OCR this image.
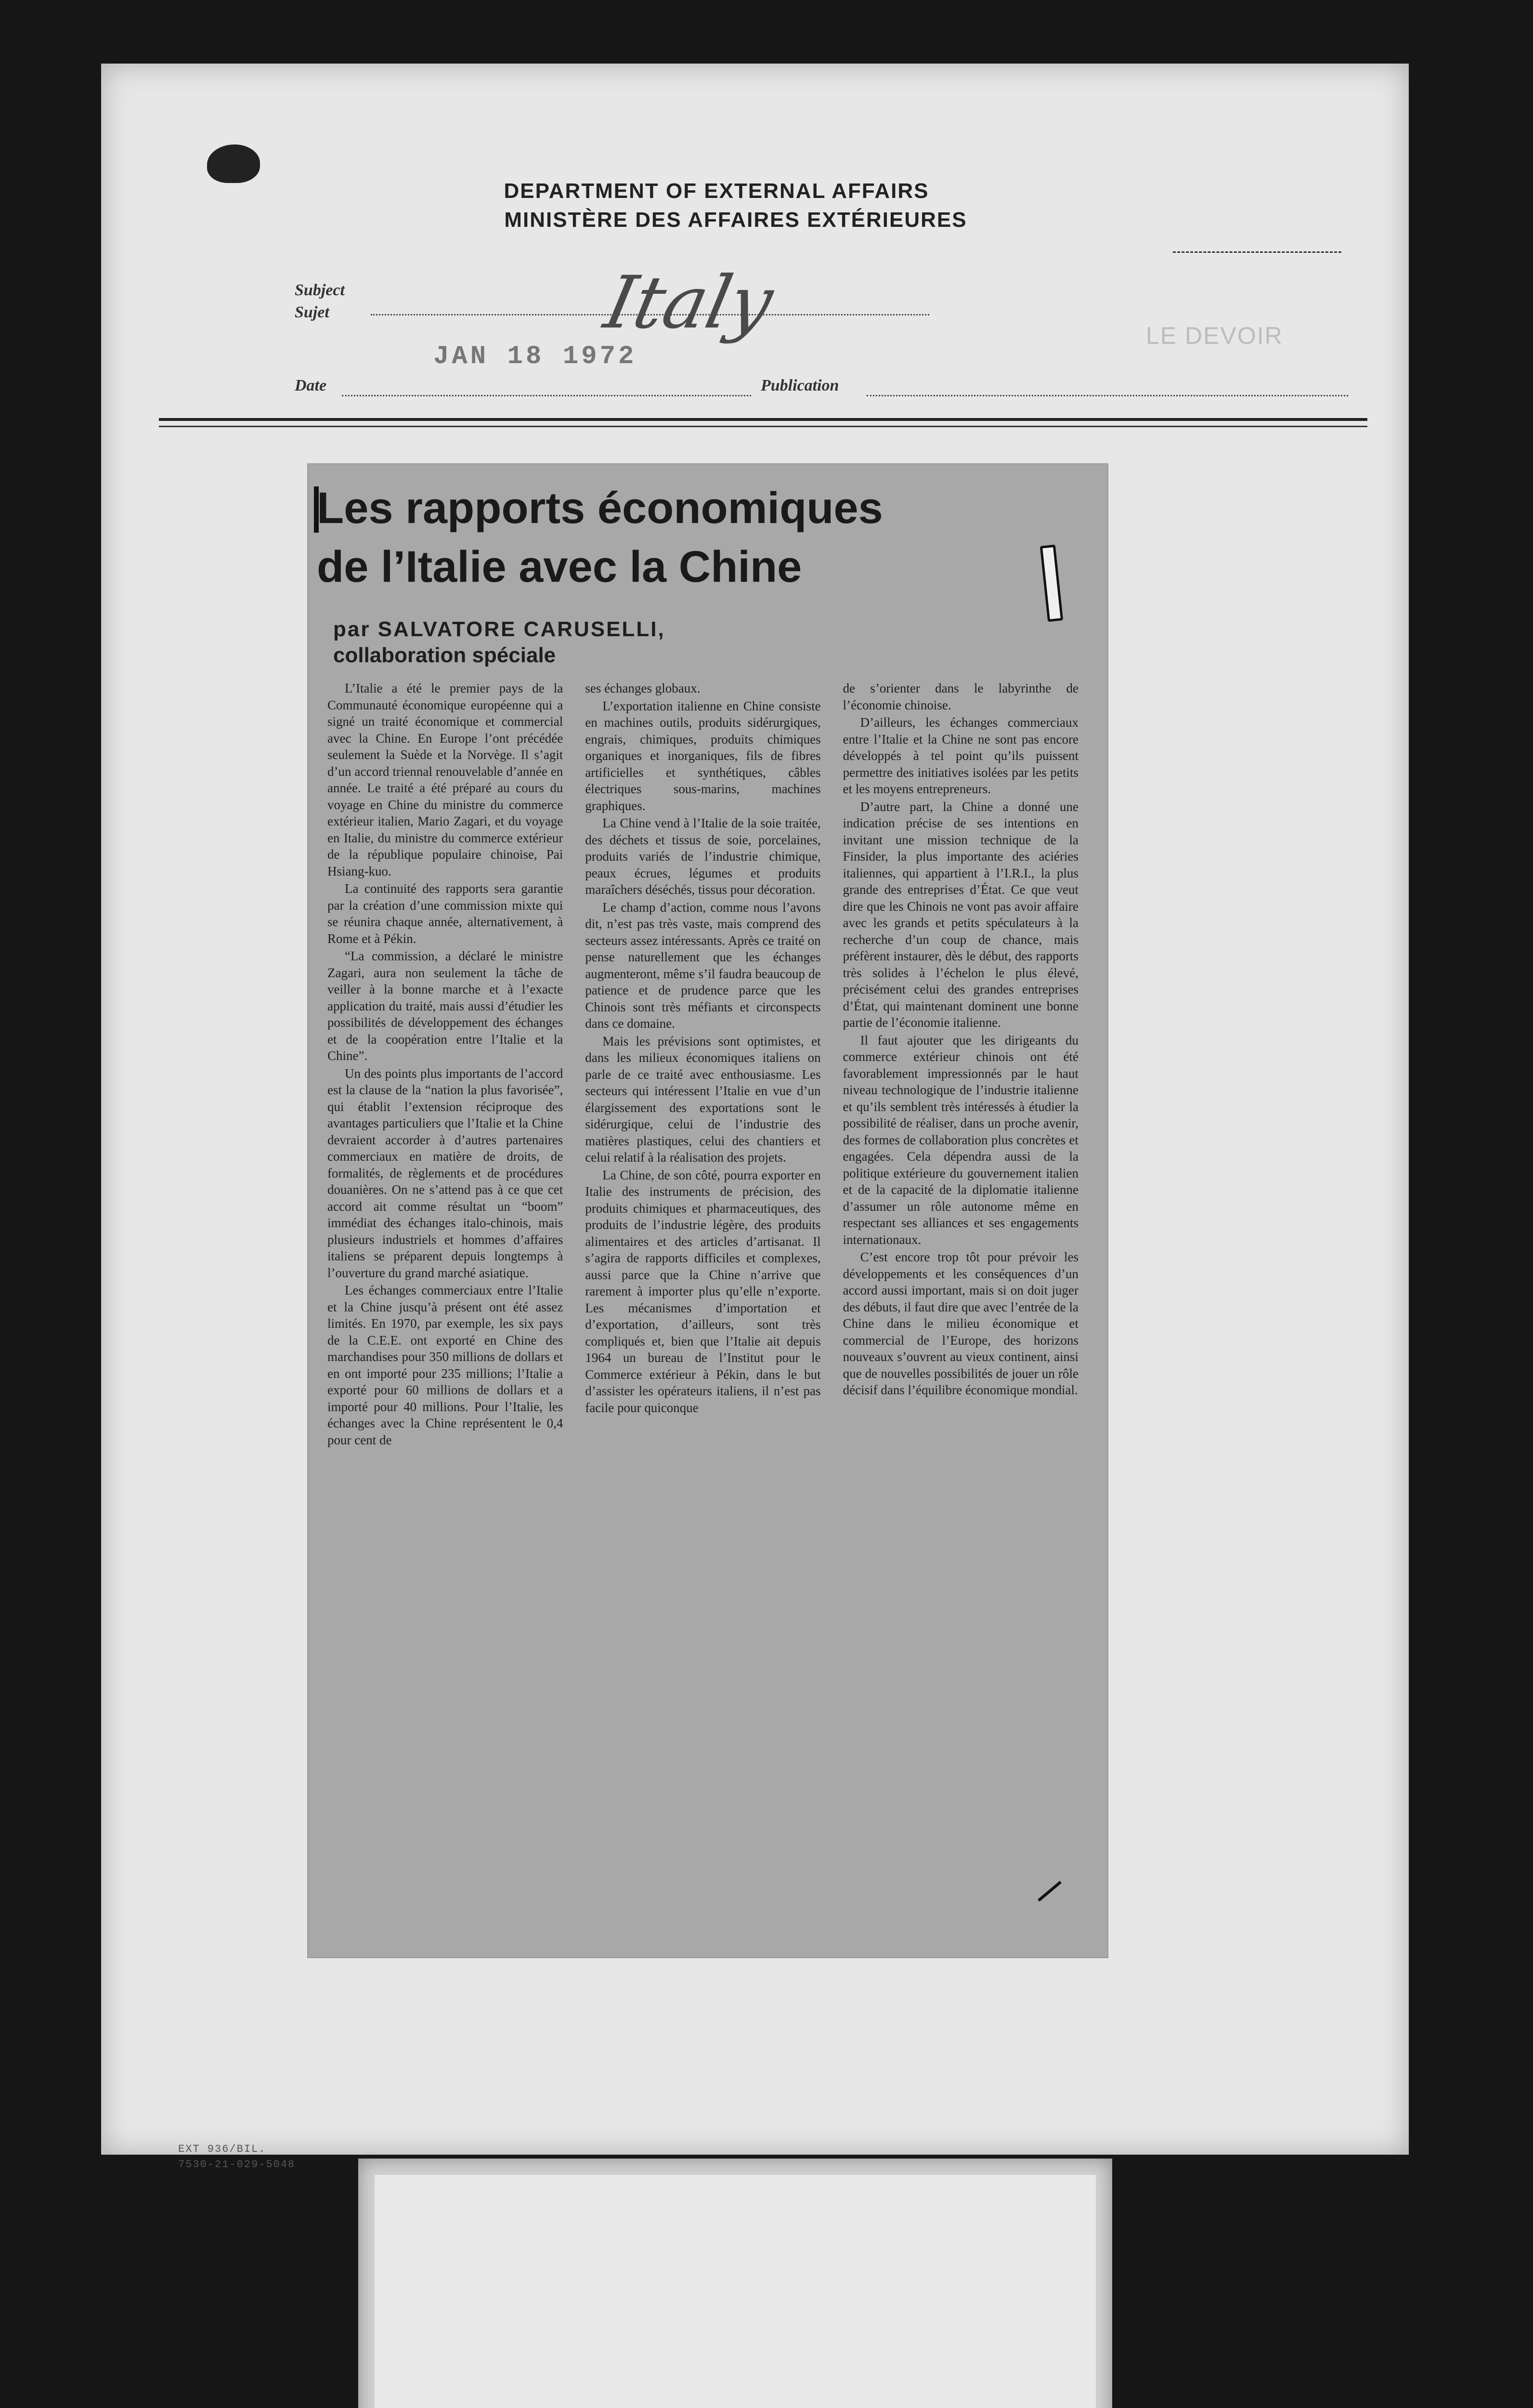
DEPARTMENT OF EXTERNAL AFFAIRS
MINISTÈRE DES AFFAIRES EXTÉRIEURES
Subject
Sujet	Italy
JAN 18 1972
LE DEVOIR
Date	Publication
Les rapports économiques
de l’Italie avec la Chine
par SALVATORE CARUSELLI,
collaboration spéciale

L’Italie a été le premier pays de la Communauté économique européenne qui a signé un traité économique et commercial avec la Chine. En Europe l’ont précédée seulement la Suède et la Norvège. Il s’agit d’un accord triennal renouvelable d’année en année. Le traité a été préparé au cours du voyage en Chine du ministre du commerce extérieur italien, Mario Zagari, et du voyage en Italie, du ministre du commerce extérieur de la république populaire chinoise, Pai Hsiang-kuo.

La continuité des rapports sera garantie par la création d’une commission mixte qui se réunira chaque année, alternativement, à Rome et à Pékin.

“La commission, a déclaré le ministre Zagari, aura non seulement la tâche de veiller à la bonne marche et à l’exacte application du traité, mais aussi d’étudier les possibilités de développement des échanges et de la coopération entre l’Italie et la Chine”.

Un des points plus importants de l’accord est la clause de la “nation la plus favorisée”, qui établit l’extension réciproque des avantages particuliers que l’Italie et la Chine devraient accorder à d’autres partenaires commerciaux en matière de droits, de formalités, de règlements et de procédures douanières. On ne s’attend pas à ce que cet accord ait comme résultat un “boom” immédiat des échanges italo-chinois, mais plusieurs industriels et hommes d’affaires italiens se préparent depuis longtemps à l’ouverture du grand marché asiatique.

Les échanges commerciaux entre l’Italie et la Chine jusqu’à présent ont été assez limités. En 1970, par exemple, les six pays de la C.E.E. ont exporté en Chine des marchandises pour 350 millions de dollars et en ont importé pour 235 millions; l’Italie a exporté pour 60 millions de dollars et a importé pour 40 millions. Pour l’Italie, les échanges avec la Chine représentent le 0,4 pour cent de

ses échanges globaux.

L’exportation italienne en Chine consiste en machines outils, produits sidérurgiques, engrais, chimiques, produits chimiques organiques et inorganiques, fils de fibres artificielles et synthétiques, câbles électriques sous-marins, machines graphiques.

La Chine vend à l’Italie de la soie traitée, des déchets et tissus de soie, porcelaines, produits variés de l’industrie chimique, peaux écrues, légumes et produits maraîchers déséchés, tissus pour décoration.

Le champ d’action, comme nous l’avons dit, n’est pas très vaste, mais comprend des secteurs assez intéressants. Après ce traité on pense naturellement que les échanges augmenteront, même s’il faudra beaucoup de patience et de prudence parce que les Chinois sont très méfiants et circonspects dans ce domaine.

Mais les prévisions sont optimistes, et dans les milieux économiques italiens on parle de ce traité avec enthousiasme. Les secteurs qui intéressent l’Italie en vue d’un élargissement des exportations sont le sidérurgique, celui de l’industrie des matières plastiques, celui des chantiers et celui relatif à la réalisation des projets.

La Chine, de son côté, pourra exporter en Italie des instruments de précision, des produits chimiques et pharmaceutiques, des produits de l’industrie légère, des produits alimentaires et des articles d’artisanat. Il s’agira de rapports difficiles et complexes, aussi parce que la Chine n’arrive que rarement à importer plus qu’elle n’exporte. Les mécanismes d’importation et d’exportation, d’ailleurs, sont très compliqués et, bien que l’Italie ait depuis 1964 un bureau de l’Institut pour le Commerce extérieur à Pékin, dans le but d’assister les opérateurs italiens, il n’est pas facile pour quiconque

de s’orienter dans le labyrinthe de l’économie chinoise.

D’ailleurs, les échanges commerciaux entre l’Italie et la Chine ne sont pas encore développés à tel point qu’ils puissent permettre des initiatives isolées par les petits et les moyens entrepreneurs.

D’autre part, la Chine a donné une indication précise de ses intentions en invitant une mission technique de la Finsider, la plus importante des aciéries italiennes, qui appartient à l’I.R.I., la plus grande des entreprises d’État. Ce que veut dire que les Chinois ne vont pas avoir affaire avec les grands et petits spéculateurs à la recherche d’un coup de chance, mais préfèrent instaurer, dès le début, des rapports très solides à l’échelon le plus élevé, précisément celui des grandes entreprises d’État, qui maintenant dominent une bonne partie de l’économie italienne.

Il faut ajouter que les dirigeants du commerce extérieur chinois ont été favorablement impressionnés par le haut niveau technologique de l’industrie italienne et qu’ils semblent très intéressés à étudier la possibilité de réaliser, dans un proche avenir, des formes de collaboration plus concrètes et engagées. Cela dépendra aussi de la politique extérieure du gouvernement italien et de la capacité de la diplomatie italienne d’assumer un rôle autonome même en respectant ses alliances et ses engagements internationaux.

C’est encore trop tôt pour prévoir les développements et les conséquences d’un accord aussi important, mais si on doit juger des débuts, il faut dire que avec l’entrée de la Chine dans le milieu économique et commercial de l’Europe, des horizons nouveaux s’ouvrent au vieux continent, ainsi que de nouvelles possibilités de jouer un rôle décisif dans l’équilibre économique mondial.

EXT 936/BIL.
7530-21-029-5048
